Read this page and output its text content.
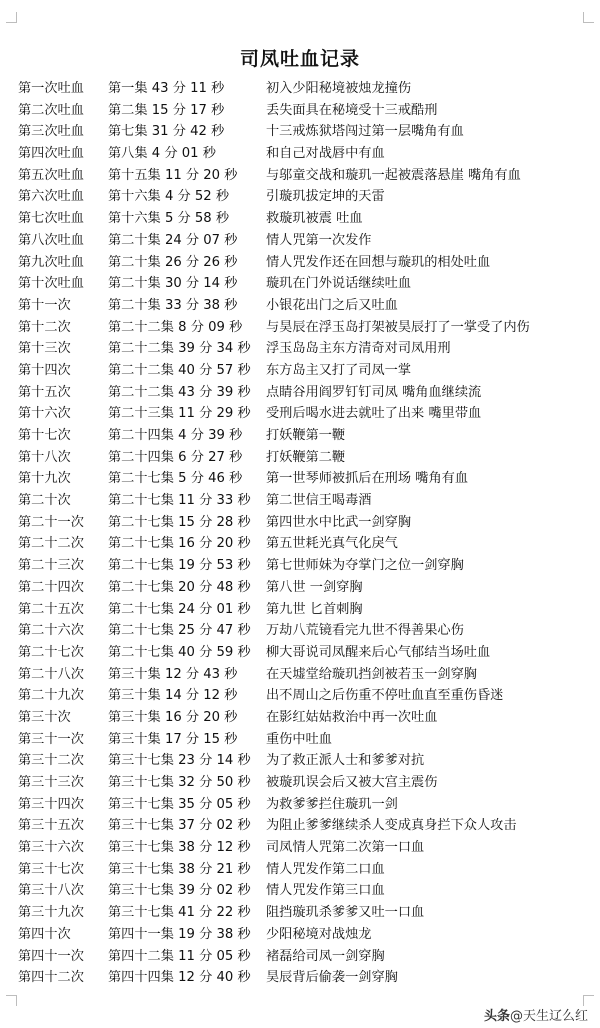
司凤吐血记录
第一次吐血 第一集 43 分 11 秒	初入少阳秘境被烛龙撞伤
第二次吐血 第二集 15 分 17 秒	丢失面具在秘境受十三戒酷刑
第三次吐血 第七集 31 分 42 秒	十三戒炼狱塔闯过第一层嘴角有血
第四次吐血 第八集 4 分 01 秒	和自己对战唇中有血
第五次吐血 第十五集 11 分 20 秒 与邬童交战和璇玑一起被震落悬崖 嘴角有血
第六次吐血 第十六集 4 分 52 秒	引璇玑拔定坤的天雷
第七次吐血 第十六集 5 分 58 秒	救璇玑被震 吐血
第八次吐血 第二十集 24 分 07 秒 情人咒第一次发作
第九次吐血 第二十集 26 分 26 秒 情人咒发作还在回想与璇玑的相处吐血
第十次吐血 第二十集 30 分 14 秒 璇玑在门外说话继续吐血
第十一次	第二十集 33 分 38 秒 小银花出门之后又吐血
第十二次	第二十二集 8 分 09 秒 与昊辰在浮玉岛打架被昊辰打了一掌受了内伤
第十三次	第二十二集 39 分 34 秒 浮玉岛岛主东方清奇对司凤用刑
第十四次	第二十二集 40 分 57 秒 东方岛主又打了司凤一掌
第十五次	第二十二集 43 分 39 秒 点睛谷用阎罗钉钉司凤 嘴角血继续流
第十六次	第二十三集 11 分 29 秒 受刑后喝水进去就吐了出来 嘴里带血
第十七次	第二十四集 4 分 39 秒 打妖鞭第一鞭
第十八次	第二十四集 6 分 27 秒 打妖鞭第二鞭
第十九次	第二十七集 5 分 46 秒 第一世琴师被抓后在刑场 嘴角有血
第二十次	第二十七集 11 分 33 秒 第二世信王喝毒酒
第二十一次 第二十七集 15 分 28 秒 第四世水中比武一剑穿胸
第二十二次 第二十七集 16 分 20 秒 第五世耗光真气化戾气
第二十三次 第二十七集 19 分 53 秒 第七世师妹为夺掌门之位一剑穿胸
第二十四次 第二十七集 20 分 48 秒 第八世 一剑穿胸
第二十五次 第二十七集 24 分 01 秒 第九世 匕首刺胸
第二十六次 第二十七集 25 分 47 秒 万劫八荒镜看完九世不得善果心伤
第二十七次 第二十七集 40 分 59 秒 柳大哥说司凤醒来后心气郁结当场吐血
第二十八次 第三十集 12 分 43 秒 在天墟堂给璇玑挡剑被若玉一剑穿胸
第二十九次 第三十集 14 分 12 秒 出不周山之后伤重不停吐血直至重伤昏迷
第三十次	第三十集 16 分 20 秒 在影红姑姑救治中再一次吐血
第三十一次 第三十集 17 分 15 秒 重伤中吐血
第三十二次 第三十七集 23 分 14 秒 为了救正派人士和爹爹对抗
第三十三次 第三十七集 32 分 50 秒 被璇玑误会后又被大宫主震伤
第三十四次 第三十七集 35 分 05 秒 为救爹爹拦住璇玑一剑
第三十五次 第三十七集 37 分 02 秒 为阻止爹爹继续杀人变成真身拦下众人攻击
第三十六次 第三十七集 38 分 12 秒 司凤情人咒第二次第一口血
第三十七次 第三十七集 38 分 21 秒 情人咒发作第二口血
第三十八次 第三十七集 39 分 02 秒 情人咒发作第三口血
第三十九次 第三十七集 41 分 22 秒 阻挡璇玑杀爹爹又吐一口血
第四十次	第四十一集 19 分 38 秒 少阳秘境对战烛龙
第四十一次 第四十二集 11 分 05 秒 褚磊给司凤一剑穿胸
第四十二次 第四十四集 12 分 40 秒 昊辰背后偷袭一剑穿胸
头条@天生辽么红
